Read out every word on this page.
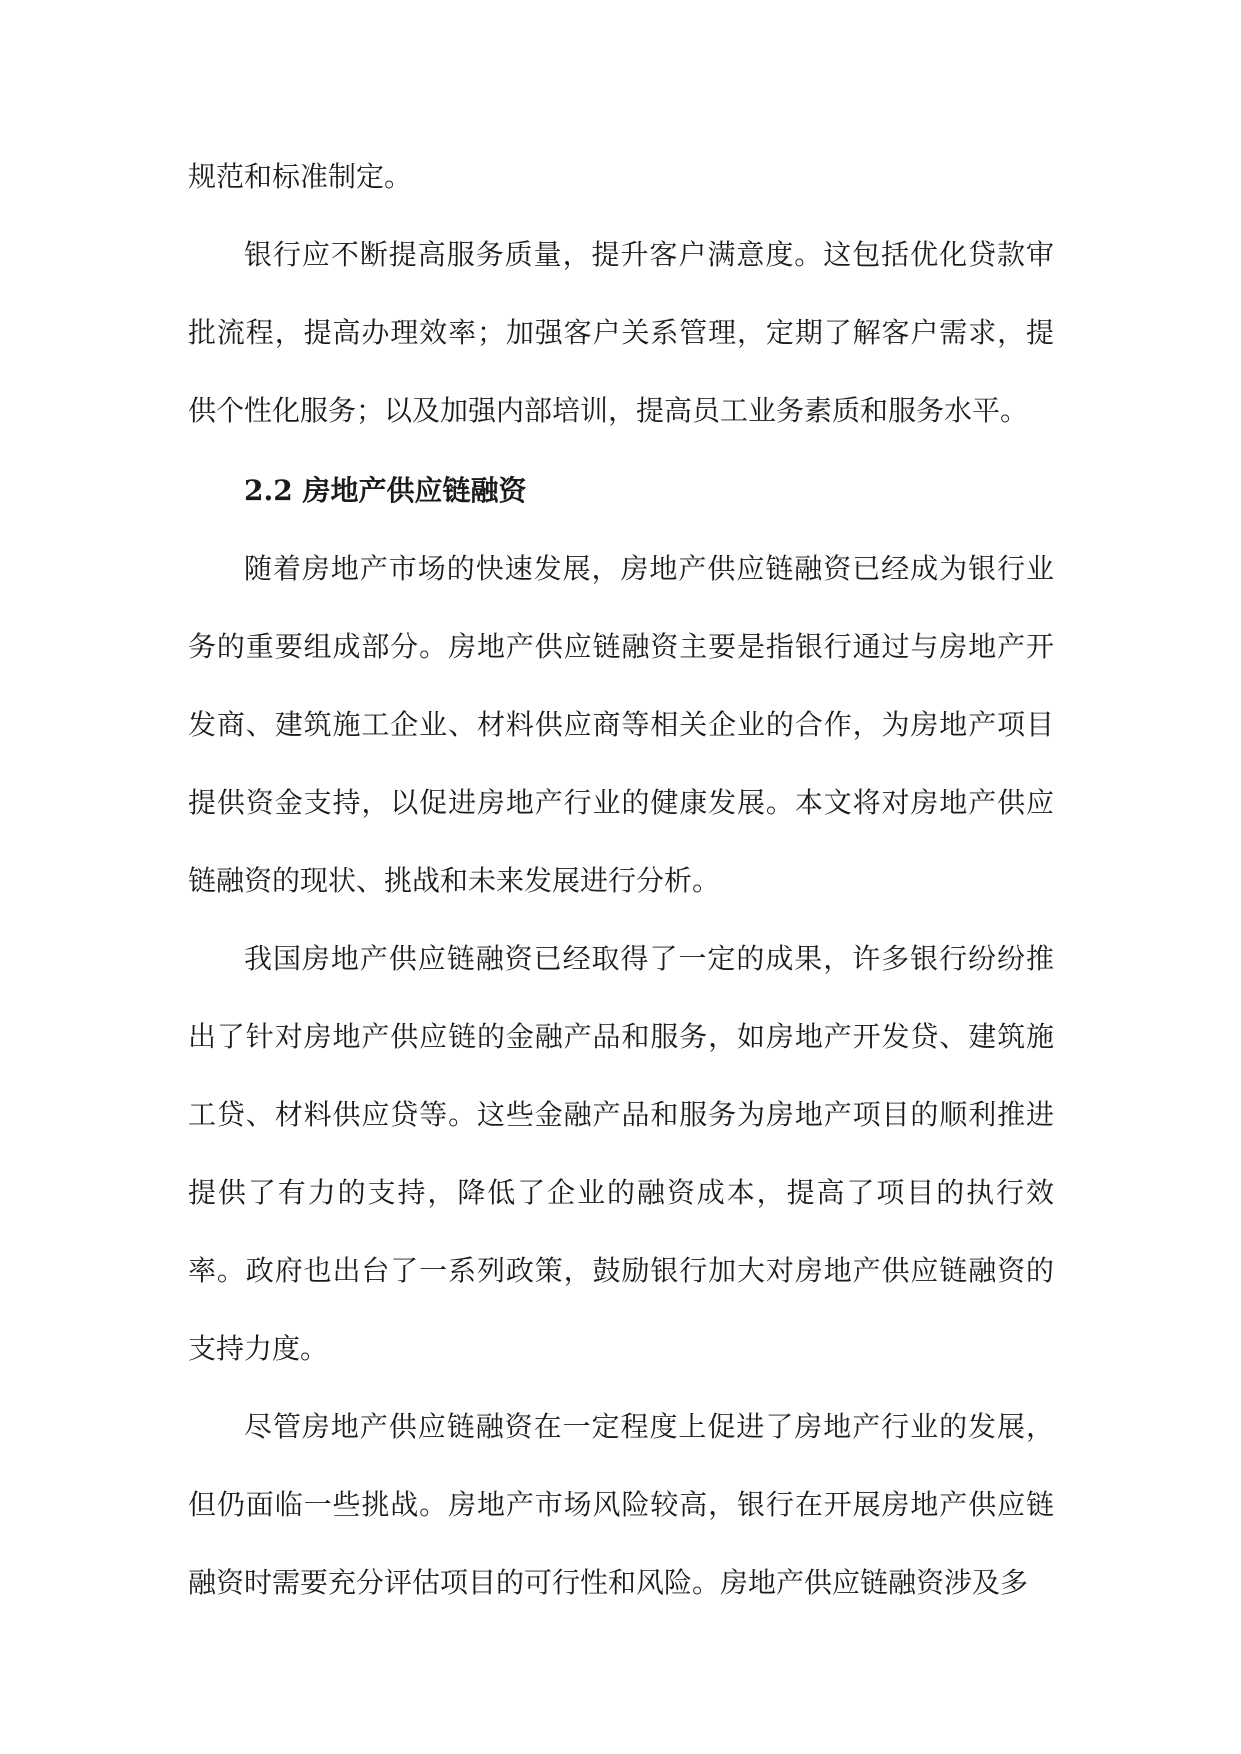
规范和标准制定。

银行应不断提高服务质量，提升客户满意度。这包括优化贷款审批流程，提高办理效率；加强客户关系管理，定期了解客户需求，提供个性化服务；以及加强内部培训，提高员工业务素质和服务水平。

2.2 房地产供应链融资

随着房地产市场的快速发展，房地产供应链融资已经成为银行业务的重要组成部分。房地产供应链融资主要是指银行通过与房地产开发商、建筑施工企业、材料供应商等相关企业的合作，为房地产项目提供资金支持，以促进房地产行业的健康发展。本文将对房地产供应链融资的现状、挑战和未来发展进行分析。

我国房地产供应链融资已经取得了一定的成果，许多银行纷纷推出了针对房地产供应链的金融产品和服务，如房地产开发贷、建筑施工贷、材料供应贷等。这些金融产品和服务为房地产项目的顺利推进提供了有力的支持，降低了企业的融资成本，提高了项目的执行效率。政府也出台了一系列政策，鼓励银行加大对房地产供应链融资的支持力度。

尽管房地产供应链融资在一定程度上促进了房地产行业的发展，但仍面临一些挑战。房地产市场风险较高，银行在开展房地产供应链融资时需要充分评估项目的可行性和风险。房地产供应链融资涉及多
